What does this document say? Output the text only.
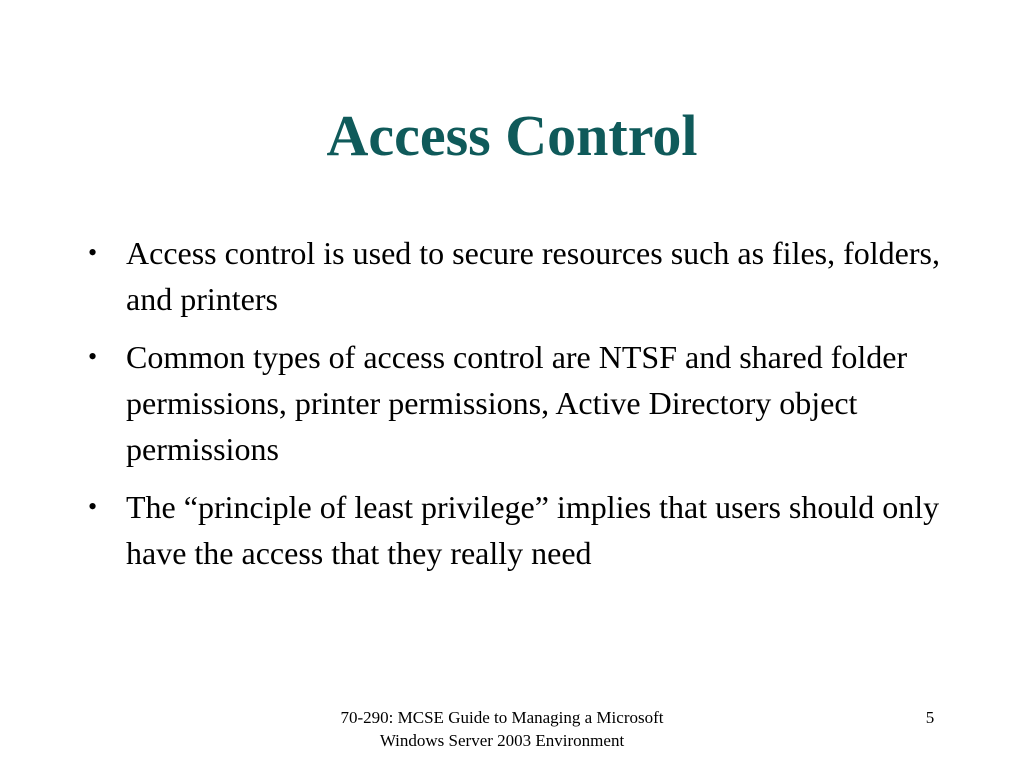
Access Control
• Access control is used to secure resources such as files, folders, and printers
• Common types of access control are NTSF and shared folder permissions, printer permissions, Active Directory object permissions
• The “principle of least privilege” implies that users should only have the access that they really need
70-290: MCSE Guide to Managing a Microsoft
Windows Server 2003 Environment
5
